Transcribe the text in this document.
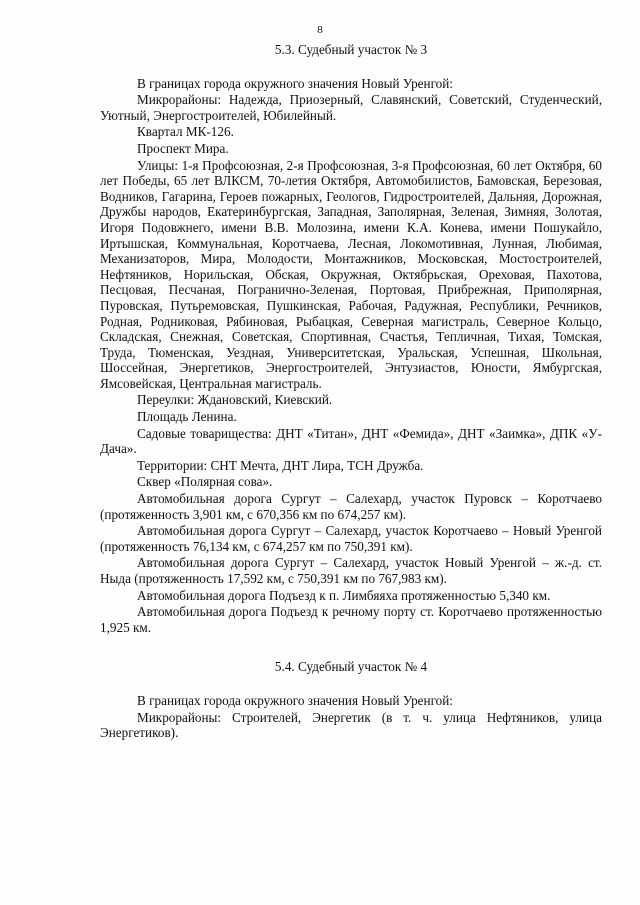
8
5.3. Судебный участок № 3

В границах города окружного значения Новый Уренгой:

Микрорайоны: Надежда, Приозерный, Славянский, Советский, Студенческий, Уютный, Энергостроителей, Юбилейный.

Квартал МК-126.

Проспект Мира.

Улицы: 1-я Профсоюзная, 2-я Профсоюзная, 3-я Профсоюзная, 60 лет Октября, 60 лет Победы, 65 лет ВЛКСМ, 70-летия Октября, Автомобилистов, Бамовская, Березовая, Водников, Гагарина, Героев пожарных, Геологов, Гидростроителей, Дальняя, Дорожная, Дружбы народов, Екатеринбургская, Западная, Заполярная, Зеленая, Зимняя, Золотая, Игоря Подовжнего, имени В.В. Молозина, имени К.А. Конева, имени Пошукайло, Иртышская, Коммунальная, Коротчаева, Лесная, Локомотивная, Лунная, Любимая, Механизаторов, Мира, Молодости, Монтажников, Московская, Мостостроителей, Нефтяников, Норильская, Обская, Окружная, Октябрьская, Ореховая, Пахотова, Песцовая, Песчаная, Погранично-Зеленая, Портовая, Прибрежная, Приполярная, Пуровская, Путьремовская, Пушкинская, Рабочая, Радужная, Республики, Речников, Родная, Родниковая, Рябиновая, Рыбацкая, Северная магистраль, Северное Кольцо, Складская, Снежная, Советская, Спортивная, Счастья, Тепличная, Тихая, Томская, Труда, Тюменская, Уездная, Университетская, Уральская, Успешная, Школьная, Шоссейная, Энергетиков, Энергостроителей, Энтузиастов, Юности, Ямбургская, Ямсовейская, Центральная магистраль.

Переулки: Ждановский, Киевский.

Площадь Ленина.

Садовые товарищества: ДНТ «Титан», ДНТ «Фемида», ДНТ «Заимка», ДПК «У-Дача».

Территории: СНТ Мечта, ДНТ Лира, ТСН Дружба.

Сквер «Полярная сова».

Автомобильная дорога Сургут – Салехард, участок Пуровск – Коротчаево (протяженность 3,901 км, с 670,356 км по 674,257 км).

Автомобильная дорога Сургут – Салехард, участок Коротчаево – Новый Уренгой (протяженность 76,134 км, с 674,257 км по 750,391 км).

Автомобильная дорога Сургут – Салехард, участок Новый Уренгой – ж.-д. ст. Ныда (протяженность 17,592 км, с 750,391 км по 767,983 км).

Автомобильная дорога Подъезд к п. Лимбяяха протяженностью 5,340 км.

Автомобильная дорога Подъезд к речному порту ст. Коротчаево протяженностью 1,925 км.

5.4. Судебный участок № 4

В границах города окружного значения Новый Уренгой:

Микрорайоны: Строителей, Энергетик (в т. ч. улица Нефтяников, улица Энергетиков).
